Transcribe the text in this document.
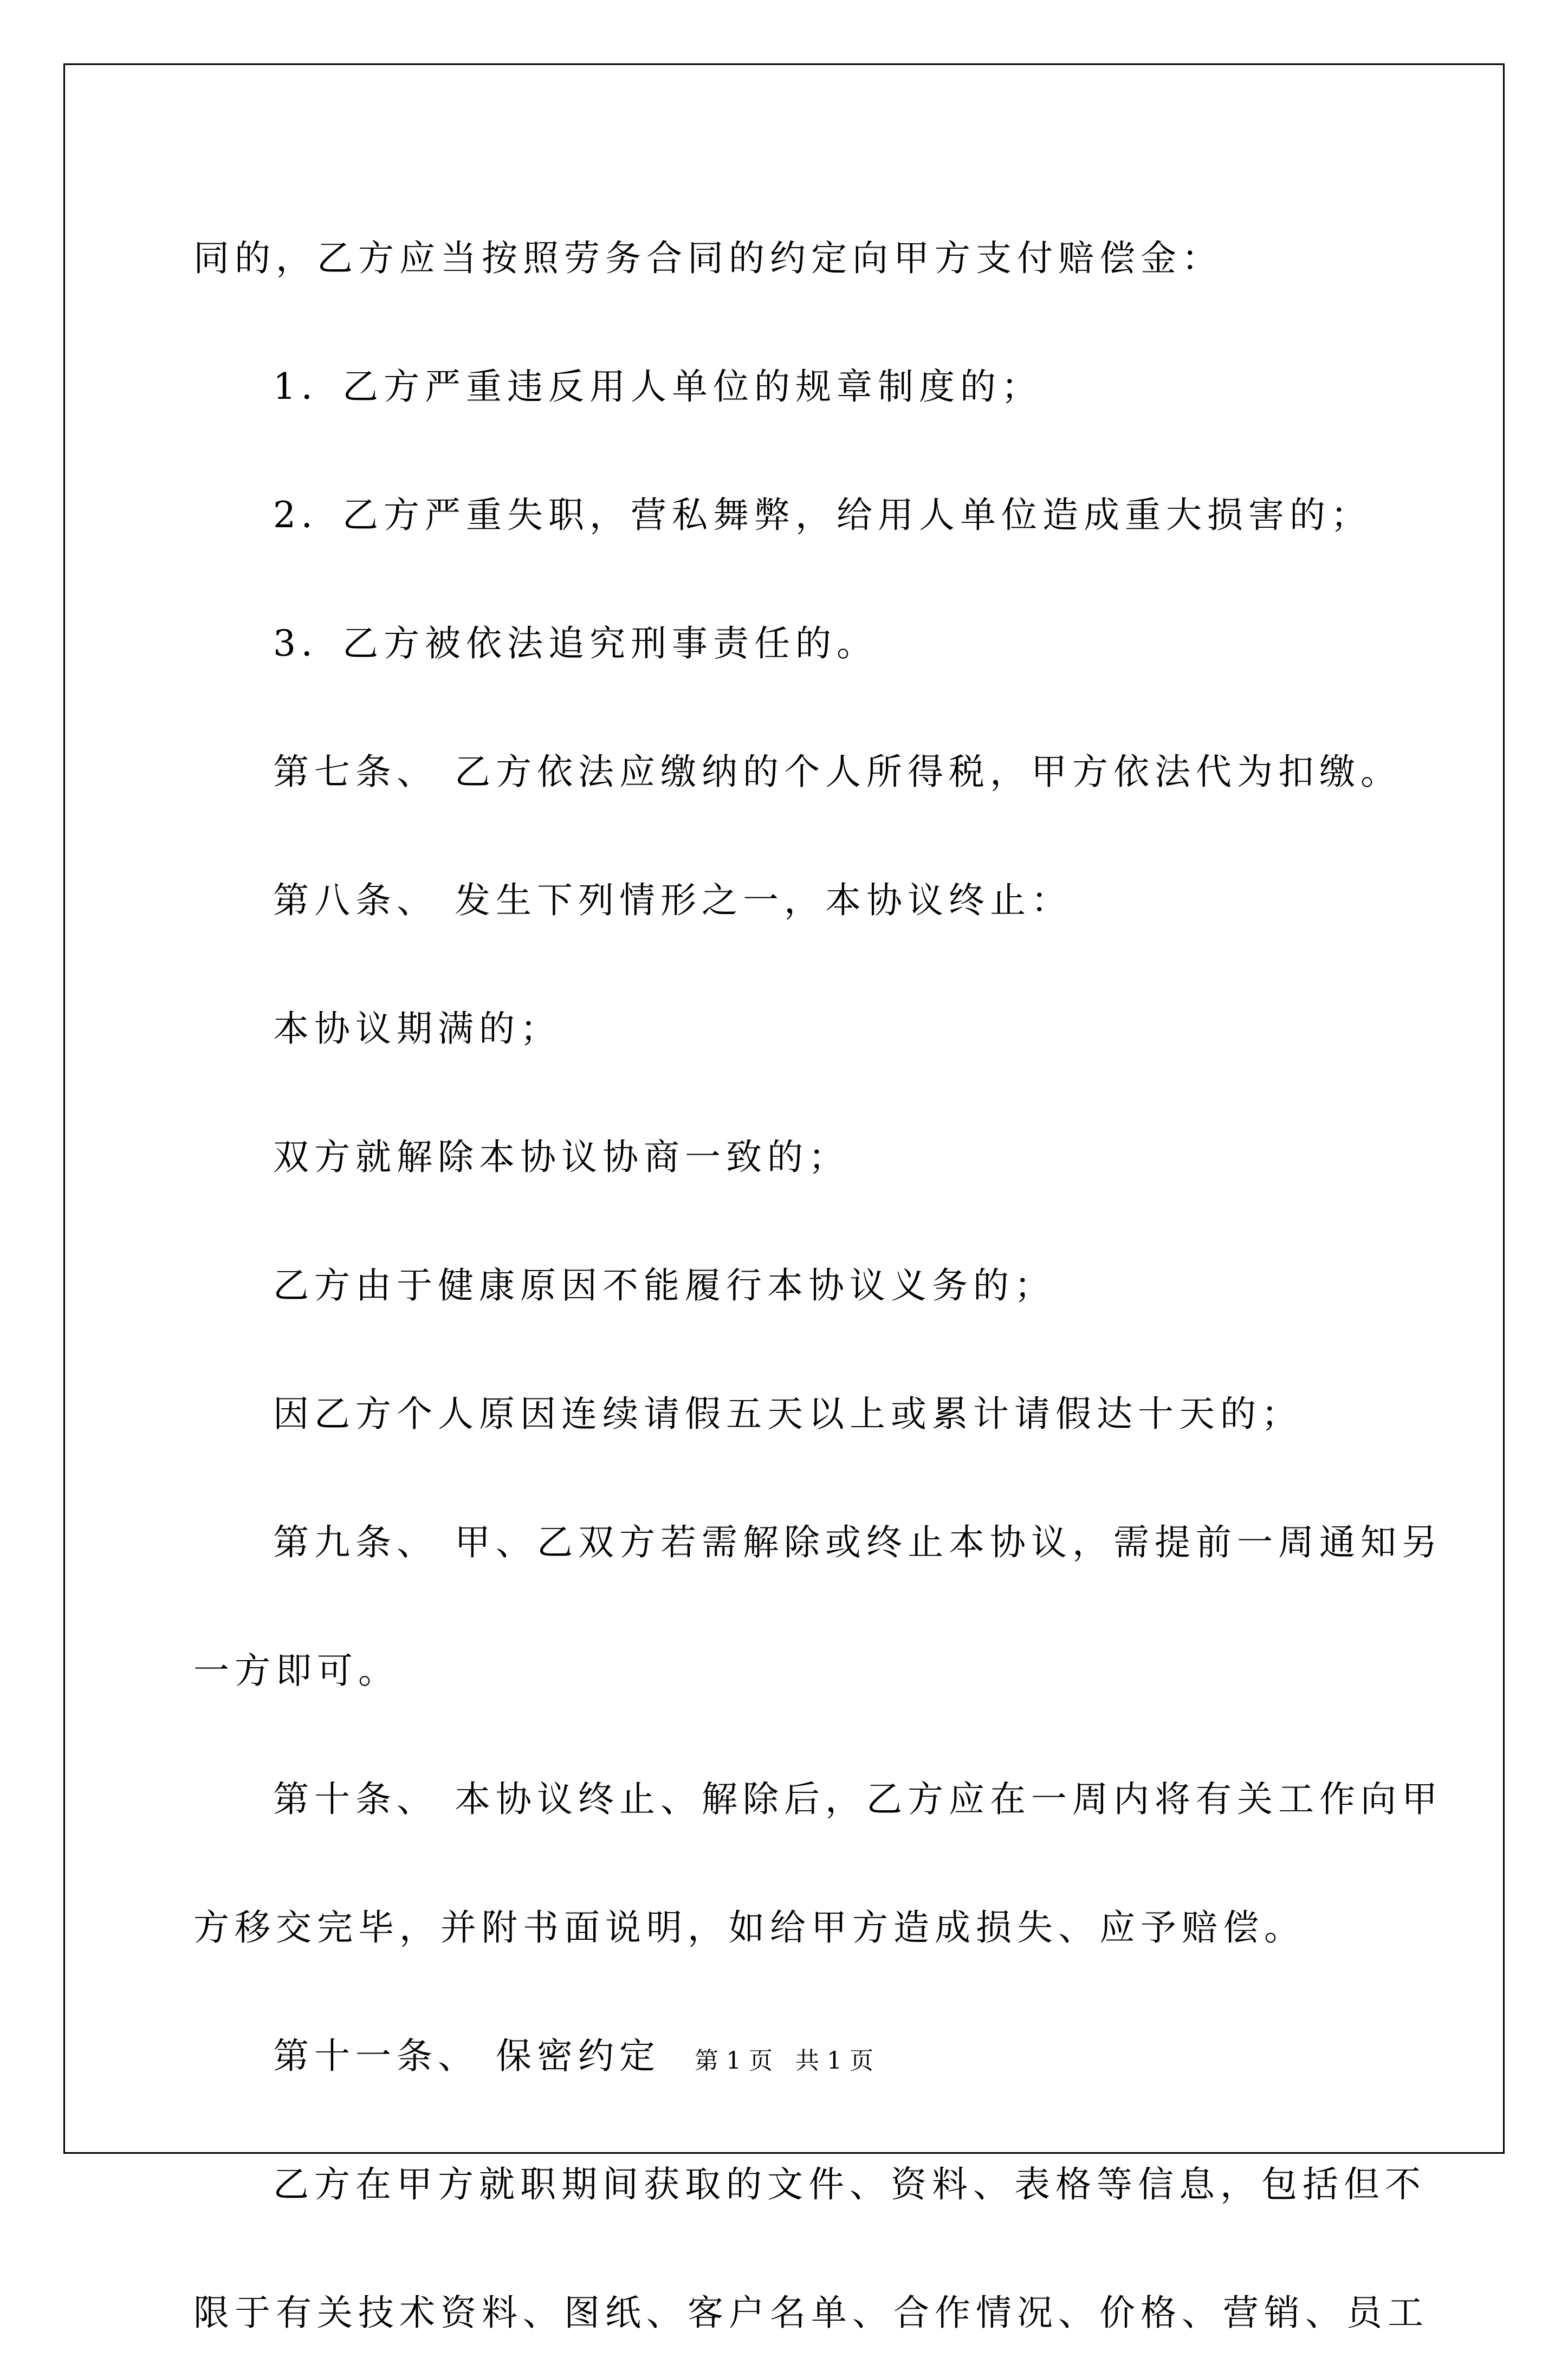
同的，乙方应当按照劳务合同的约定向甲方支付赔偿金：
1．乙方严重违反用人单位的规章制度的；
2．乙方严重失职，营私舞弊，给用人单位造成重大损害的；
3．乙方被依法追究刑事责任的。
第七条、 乙方依法应缴纳的个人所得税，甲方依法代为扣缴。
第八条、 发生下列情形之一，本协议终止：
本协议期满的；
双方就解除本协议协商一致的；
乙方由于健康原因不能履行本协议义务的；
因乙方个人原因连续请假五天以上或累计请假达十天的；
第九条、 甲、乙双方若需解除或终止本协议，需提前一周通知另
一方即可。
第十条、 本协议终止、解除后，乙方应在一周内将有关工作向甲
方移交完毕，并附书面说明，如给甲方造成损失、应予赔偿。
第十一条、 保密约定
乙方在甲方就职期间获取的文件、资料、表格等信息，包括但不
限于有关技术资料、图纸、客户名单、合作情况、价格、营销、员工
第 1 页   共 1 页
